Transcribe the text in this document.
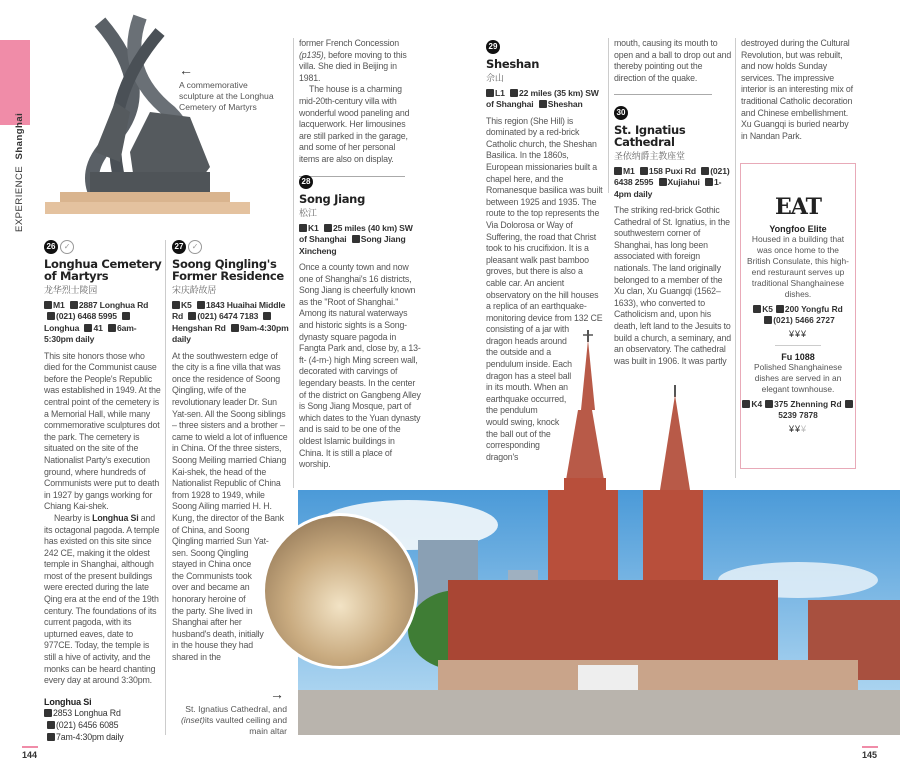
EXPERIENCE  Shanghai
←
A commemorative sculpture at the Longhua Cemetery of Martyrs
26 ✓
Longhua Cemetery of Martyrs
龙华烈士陵园
M1 2887 Longhua Rd (021) 6468 5995 Longhua 41 6am-5:30pm daily

This site honors those who died for the Communist cause before the People's Republic was established in 1949. At the central point of the cemetery is a Memorial Hall, while many commemorative sculptures dot the park. The cemetery is situated on the site of the Nationalist Party's execution ground, where hundreds of Communists were put to death in 1927 by gangs working for Chiang Kai-shek.

Nearby is Longhua Si and its octagonal pagoda. A temple has existed on this site since 242 CE, making it the oldest temple in Shanghai, although most of the present buildings were erected during the late Qing era at the end of the 19th century. The foundations of its current pagoda, with its upturned eaves, date to 977CE. Today, the temple is still a hive of activity, and the monks can be heard chanting every day at around 3:30pm.

Longhua Si
2853 Longhua Rd
(021) 6456 6085
7am-4:30pm daily
27 ✓
Soong Qingling's Former Residence
宋庆龄故居
K5 1843 Huaihai Middle Rd (021) 6474 7183 Hengshan Rd 9am-4:30pm daily

At the southwestern edge of the city is a fine villa that was once the residence of Soong Qingling, wife of the revolutionary leader Dr. Sun Yat-sen. All the Soong siblings – three sisters and a brother – came to wield a lot of influence in China. Of the three sisters, Soong Meiling married Chiang Kai-shek, the head of the Nationalist Republic of China from 1928 to 1949, while Soong Ailing married H. H. Kung, the director of the Bank of China, and Soong Qingling married Sun Yat-sen. Soong Qingling stayed in China once the Communists took over and became an honorary heroine of the party. She lived in Shanghai after her husband's death, initially in the house they had shared in the

former French Concession (p135), before moving to this villa. She died in Beijing in 1981.

The house is a charming mid-20th-century villa with wonderful wood paneling and lacquerwork. Her limousines are still parked in the garage, and some of her personal items are also on display.

28
Song Jiang
松江
K1 25 miles (40 km) SW of Shanghai Song Jiang Xincheng

Once a county town and now one of Shanghai's 16 districts, Song Jiang is cheerfully known as the "Root of Shanghai." Among its natural waterways and historic sights is a Song-dynasty square pagoda in Fangta Park and, close by, a 13-ft- (4-m-) high Ming screen wall, decorated with carvings of legendary beasts. In the center of the district on Gangbeng Alley is Song Jiang Mosque, part of which dates to the Yuan dynasty and is said to be one of the oldest Islamic buildings in China. It is still a place of worship.

29
Sheshan
佘山
L1 22 miles (35 km) SW of Shanghai Sheshan

This region (She Hill) is dominated by a red-brick Catholic church, the Sheshan Basilica. In the 1860s, European missionaries built a chapel here, and the Romanesque basilica was built between 1925 and 1935. The route to the top represents the Via Dolorosa or Way of Suffering, the road that Christ took to his crucifixion. It is a pleasant walk past bamboo groves, but there is also a cable car. An ancient observatory on the hill houses a replica of an earthquake-monitoring device from 132 CE consisting of a jar with dragon heads around the outside and a pendulum inside. Each dragon has a steel ball in its mouth. When an earthquake occurred, the pendulum would swing, knock the ball out of the corresponding dragon's

mouth, causing its mouth to open and a ball to drop out and thereby pointing out the direction of the quake.

30
St. Ignatius Cathedral
圣依纳爵主教座堂
M1 158 Puxi Rd (021) 6438 2595 Xujiahui 1-4pm daily

The striking red-brick Gothic Cathedral of St. Ignatius, in the southwestern corner of Shanghai, has long been associated with foreign nationals. The land originally belonged to a member of the Xu clan, Xu Guangqi (1562–1633), who converted to Catholicism and, upon his death, left land to the Jesuits to build a church, a seminary, and an observatory. The cathedral was built in 1906. It was partly

destroyed during the Cultural Revolution, but was rebuilt, and now holds Sunday services. The impressive interior is an interesting mix of traditional Catholic decoration and Chinese embellishment. Xu Guangqi is buried nearby in Nandan Park.

EAT
Yongfoo Elite
Housed in a building that was once home to the British Consulate, this high-end resturaunt serves up traditional Shanghainese dishes.
K5 200 Yongfu Rd
(021) 5466 2727
¥¥¥
Fu 1088
Polished Shanghainese dishes are served in an elegant townhouse.
K4 375 Zhenning Rd5239 7878
¥¥¥
→
St. Ignatius Cathedral, and (inset)its vaulted ceiling and main altar
144	145
